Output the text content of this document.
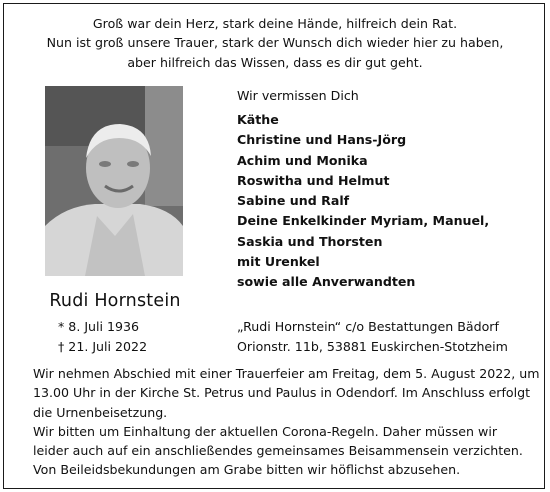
Groß war dein Herz, stark deine Hände, hilfreich dein Rat.
Nun ist groß unsere Trauer, stark der Wunsch dich wieder hier zu haben,
aber hilfreich das Wissen, dass es dir gut geht.
Wir vermissen Dich
Käthe
Christine und Hans-Jörg
Achim und Monika
Roswitha und Helmut
Sabine und Ralf
Deine Enkelkinder Myriam, Manuel,
Saskia und Thorsten
mit Urenkel
sowie alle Anverwandten
Rudi Hornstein
* 8. Juli 1936
† 21. Juli 2022
„Rudi Hornstein“ c/o Bestattungen Bädorf
Orionstr. 11b, 53881 Euskirchen-Stotzheim
Wir nehmen Abschied mit einer Trauerfeier am Freitag, dem 5. August 2022, um
13.00 Uhr in der Kirche St. Petrus und Paulus in Odendorf. Im Anschluss erfolgt
die Urnenbeisetzung.
Wir bitten um Einhaltung der aktuellen Corona-Regeln. Daher müssen wir
leider auch auf ein anschließendes gemeinsames Beisammensein verzichten.
Von Beileidsbekundungen am Grabe bitten wir höflichst abzusehen.
